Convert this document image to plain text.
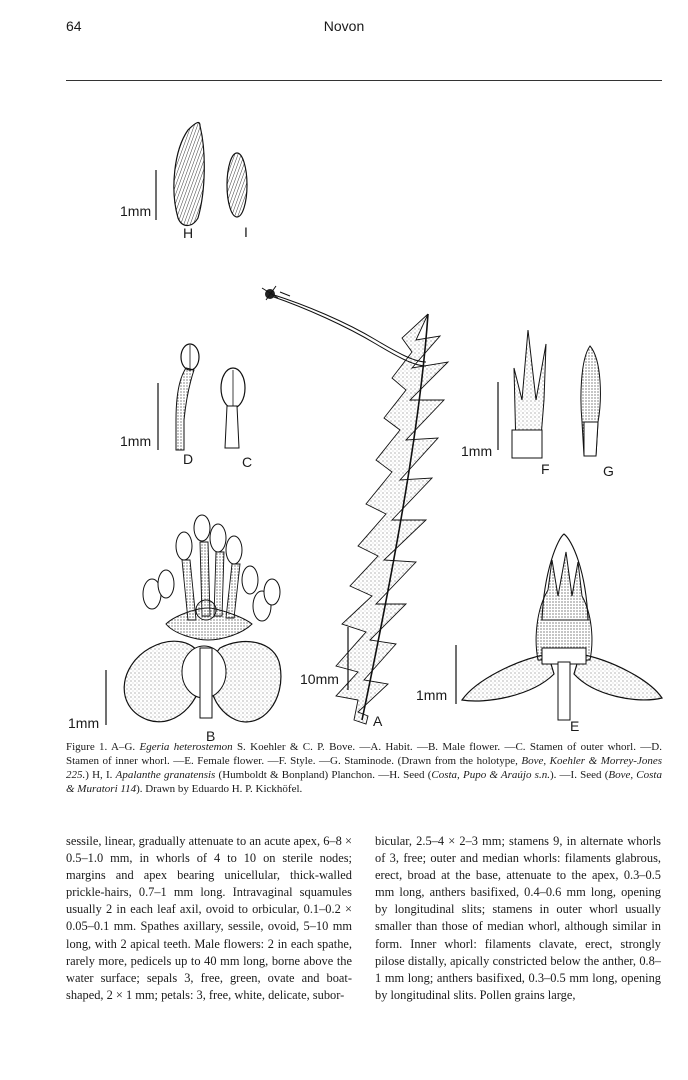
64	Novon
1mm
H	I
1mm
D	C
10mm
A
1mm
F	G
1mm
B
1mm
E
Figure 1. A–G. Egeria heterostemon S. Koehler & C. P. Bove. —A. Habit. —B. Male flower. —C. Stamen of outer whorl. —D. Stamen of inner whorl. —E. Female flower. —F. Style. —G. Staminode. (Drawn from the holotype, Bove, Koehler & Morrey-Jones 225.) H, I. Apalanthe granatensis (Humboldt & Bonpland) Planchon. —H. Seed (Costa, Pupo & Araújo s.n.). —I. Seed (Bove, Costa & Muratori 114). Drawn by Eduardo H. P. Kickhöfel.

sessile, linear, gradually attenuate to an acute apex, 6–8 × 0.5–1.0 mm, in whorls of 4 to 10 on sterile nodes; margins and apex bearing unicellular, thick-walled prickle-hairs, 0.7–1 mm long. Intravaginal squamules usually 2 in each leaf axil, ovoid to orbicular, 0.1–0.2 × 0.05–0.1 mm. Spathes axillary, sessile, ovoid, 5–10 mm long, with 2 apical teeth. Male flowers: 2 in each spathe, rarely more, pedicels up to 40 mm long, borne above the water surface; sepals 3, free, green, ovate and boat-shaped, 2 × 1 mm; petals: 3, free, white, delicate, subor-

bicular, 2.5–4 × 2–3 mm; stamens 9, in alternate whorls of 3, free; outer and median whorls: filaments glabrous, erect, broad at the base, attenuate to the apex, 0.3–0.5 mm long, anthers basifixed, 0.4–0.6 mm long, opening by longitudinal slits; stamens in outer whorl usually smaller than those of median whorl, although similar in form. Inner whorl: filaments clavate, erect, strongly pilose distally, apically constricted below the anther, 0.8–1 mm long; anthers basifixed, 0.3–0.5 mm long, opening by longitudinal slits. Pollen grains large,
